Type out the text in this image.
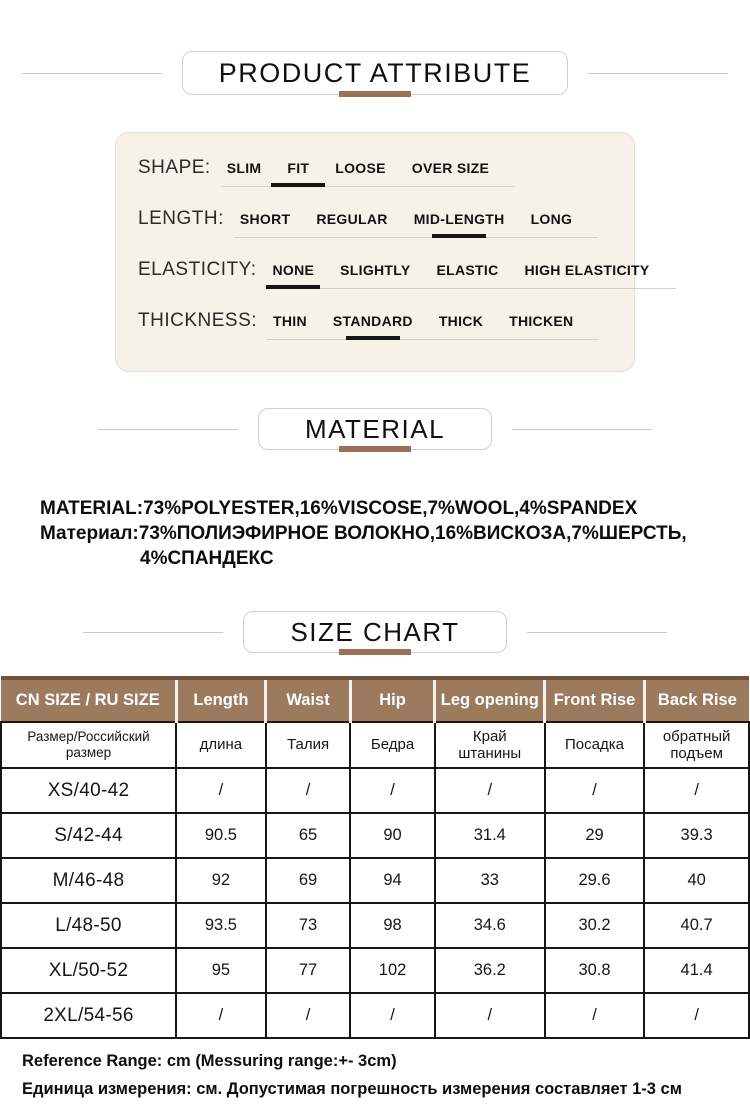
PRODUCT ATTRIBUTE
SHAPE: SLIM FIT LOOSE OVER SIZE
LENGTH: SHORT REGULAR MID-LENGTH LONG
ELASTICITY: NONE SLIGHTLY ELASTIC HIGH ELASTICITY
THICKNESS: THIN STANDARD THICK THICKEN
MATERIAL
MATERIAL:73%POLYESTER,16%VISCOSE,7%WOOL,4%SPANDEX
Материал:73%ПОЛИЭФИРНОЕ ВОЛОКНО,16%ВИСКОЗА,7%ШЕРСТЬ,
4%СПАНДЕКС
SIZE CHART
CN SIZE / RU SIZE	Length	Waist	Hip	Leg opening	Front Rise	Back Rise
Размер/Российский размер	длина	Талия	Бедра	Край штанины	Посадка	обратный подъем
XS/40-42	/	/	/	/	/	/
S/42-44	90.5	65	90	31.4	29	39.3
M/46-48	92	69	94	33	29.6	40
L/48-50	93.5	73	98	34.6	30.2	40.7
XL/50-52	95	77	102	36.2	30.8	41.4
2XL/54-56	/	/	/	/	/	/
Reference Range: cm (Messuring range:+- 3cm)
Единица измерения: см. Допустимая погрешность измерения составляет 1-3 см
